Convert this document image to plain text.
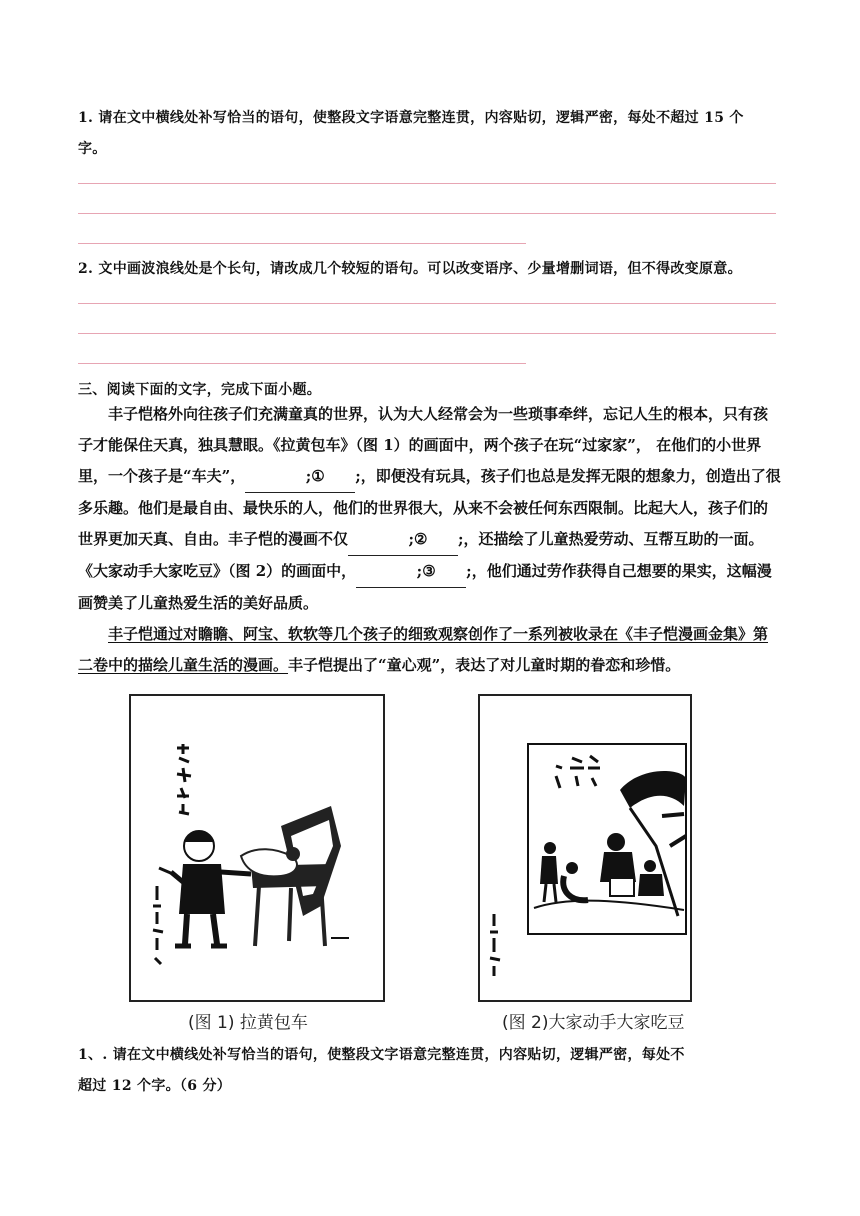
1. 请在文中横线处补写恰当的语句，使整段文字语意完整连贯，内容贴切，逻辑严密，每处不超过 15 个
字。
2. 文中画波浪线处是个长句，请改成几个较短的语句。可以改变语序、少量增删词语，但不得改变原意。
三、阅读下面的文字，完成下面小题。

丰子恺格外向往孩子们充满童真的世界，认为大人经常会为一些琐事牵绊，忘记人生的根本，只有孩子才能保住天真，独具慧眼。《拉黄包车》（图 1）的画面中，两个孩子在玩“过家家”， 在他们的小世界里，一个孩子是“车夫”，	;① ;，即便没有玩具，孩子们也总是发挥无限的想象力，创造出了很多乐趣。他们是最自由、最快乐的人，他们的世界很大，从来不会被任何东西限制。比起大人，孩子们的世界更加天真、自由。丰子恺的漫画不仅	;② ;，还描绘了儿童热爱劳动、互帮互助的一面。《大家动手大家吃豆》（图 2）的画面中，	;③ ;，他们通过劳作获得自己想要的果实，这幅漫画赞美了儿童热爱生活的美好品质。

丰子恺通过对瞻瞻、阿宝、软软等几个孩子的细致观察创作了一系列被收录在《丰子恺漫画金集》第二卷中的描绘儿童生活的漫画。丰子恺提出了“童心观”，表达了对儿童时期的眷恋和珍惜。

(图 1) 拉黄包车	(图 2)大家动手大家吃豆
1、. 请在文中横线处补写恰当的语句，使整段文字语意完整连贯，内容贴切，逻辑严密，每处不
超过 12 个字。（6 分）
